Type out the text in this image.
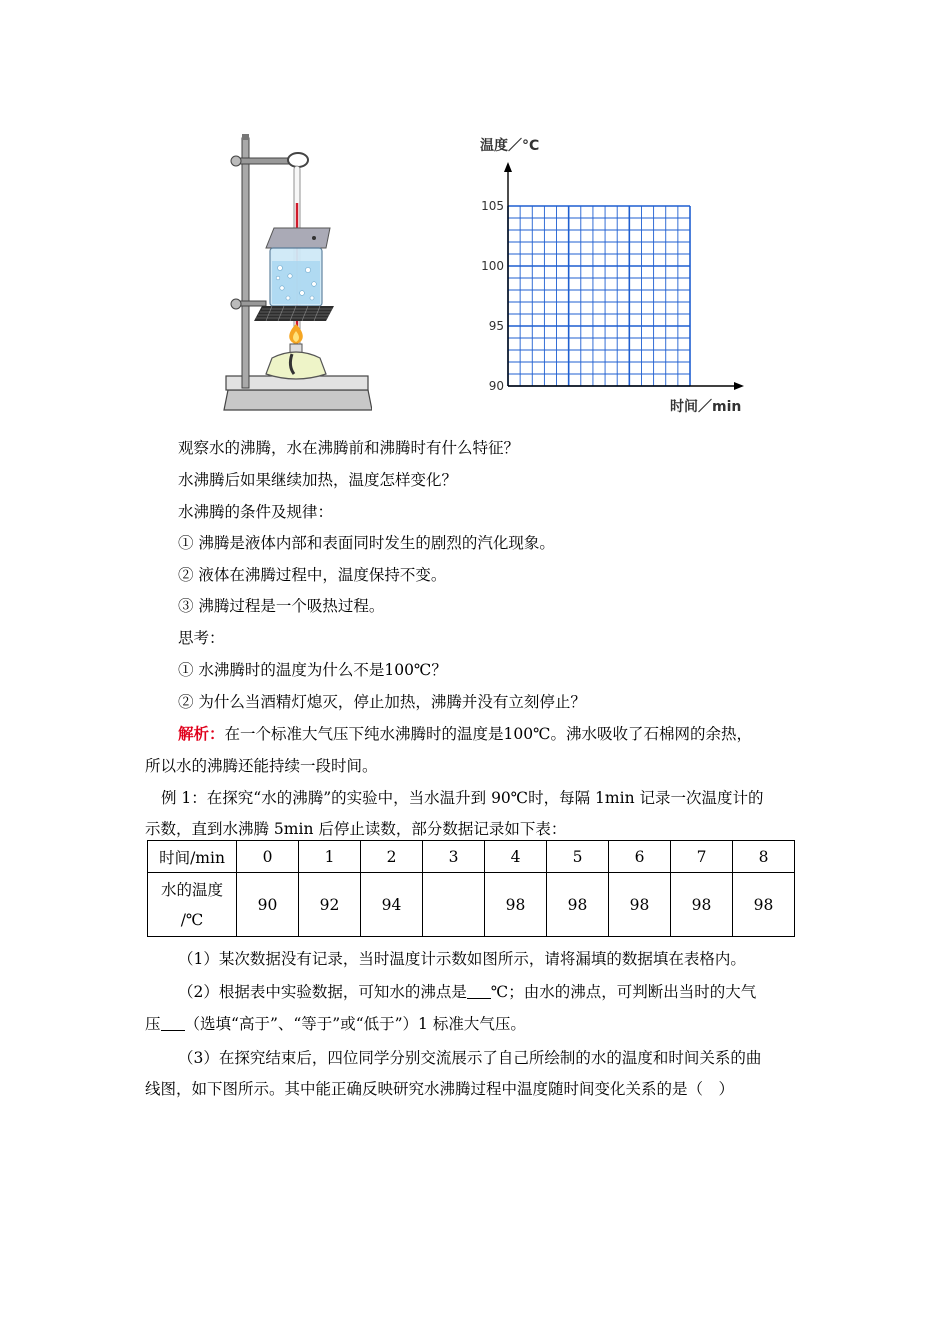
温度／°C
时间／min
90
95
100
105
观察水的沸腾，水在沸腾前和沸腾时有什么特征？
水沸腾后如果继续加热，温度怎样变化？
水沸腾的条件及规律：
① 沸腾是液体内部和表面同时发生的剧烈的汽化现象。
② 液体在沸腾过程中，温度保持不变。
③ 沸腾过程是一个吸热过程。
思考：
① 水沸腾时的温度为什么不是100℃？
② 为什么当酒精灯熄灭，停止加热，沸腾并没有立刻停止？
解析：在一个标准大气压下纯水沸腾时的温度是100℃。沸水吸收了石棉网的余热，
所以水的沸腾还能持续一段时间。
例 1：在探究“水的沸腾”的实验中，当水温升到 90℃时，每隔 1min 记录一次温度计的
示数，直到水沸腾 5min 后停止读数，部分数据记录如下表：
时间/min	0	1	2	3	4	5	6	7	8

水的温度
/℃	90	92	94		98	98	98	98	98
（1）某次数据没有记录，当时温度计示数如图所示，请将漏填的数据填在表格内。
（2）根据表中实验数据，可知水的沸点是 ℃；由水的沸点，可判断出当时的大气
压 （选填“高于”、“等于”或“低于”）1 标准大气压。
（3）在探究结束后，四位同学分别交流展示了自己所绘制的水的温度和时间关系的曲
线图，如下图所示。其中能正确反映研究水沸腾过程中温度随时间变化关系的是（　）
